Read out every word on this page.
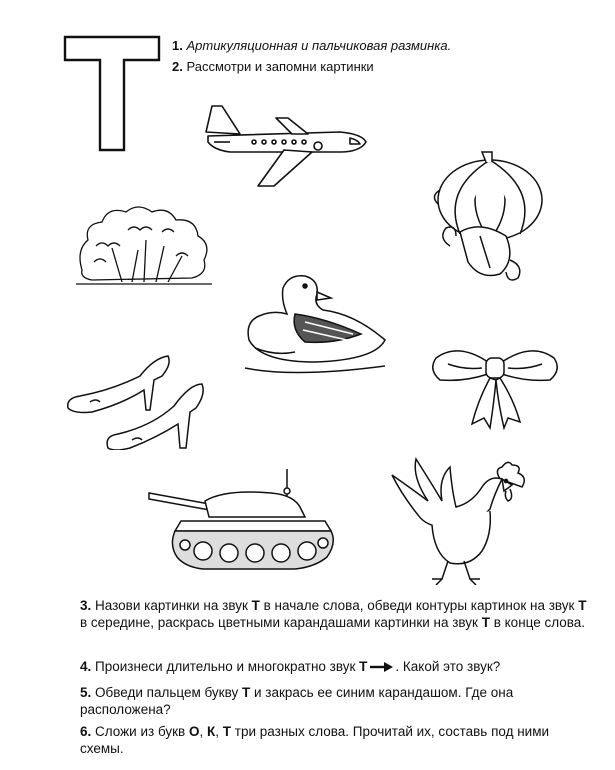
1. Артикуляционная и пальчиковая разминка.
2. Рассмотри и запомни картинки
3. Назови картинки на звук Т в начале слова, обведи контуры картинок на звук Т в середине, раскрась цветными карандашами картинки на звук Т в конце слова.
4. Произнеси длительно и многократно звук Т . Какой это звук?
5. Обведи пальцем букву Т и закрась ее синим карандашом. Где она расположена?
6. Сложи из букв О, К, Т три разных слова. Прочитай их, составь под ними схемы.
